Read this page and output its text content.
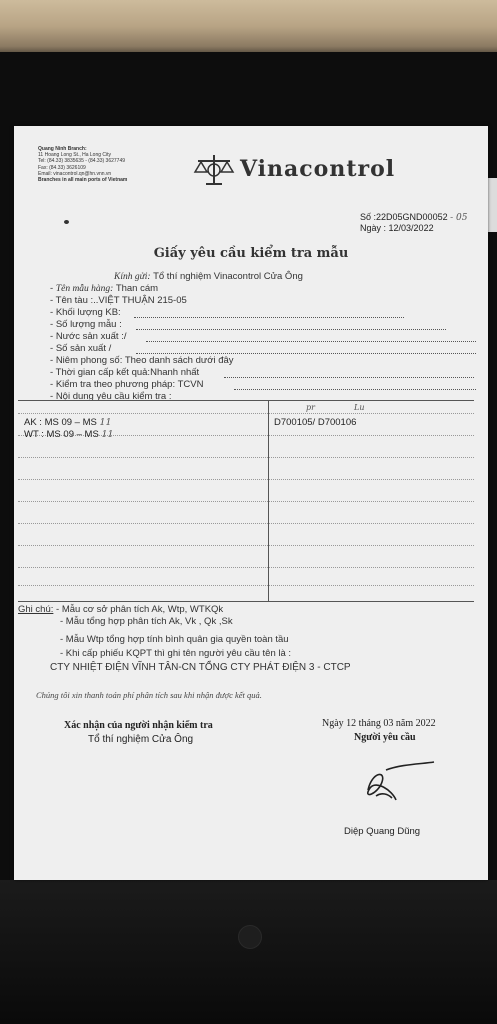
Quang Ninh Branch:
11 Hoang Long St., Ha Long City
Tel: (84.33) 3835635 - (84.33) 3627749
Fax: (84.33) 3626109
Email: vinacontrol.qn@hn.vnn.vn
Branches in all main ports of Vietnam	Vinacontrol
Số :22D05GND00052 - 05
Ngày : 12/03/2022
Giấy yêu cầu kiểm tra mẫu
Kính gửi: Tổ thí nghiệm Vinacontrol Cửa Ông
- Tên mẫu hàng: Than cám
- Tên tàu :..VIỆT THUẬN 215-05
- Khối lượng KB:
- Số lượng mẫu :
- Nước sản xuất :/
- Số sản xuất /
- Niêm phong số: Theo danh sách dưới đây
- Thời gian cấp kết quả:Nhanh nhất
- Kiểm tra theo phương pháp: TCVN
- Nội dung yêu cầu kiểm tra :
AK : MS 09 – MS 11
WT : MS 09 – MS 11
pr	Lu
D700105/ D700106
Ghi chú: - Mẫu cơ sở phân tích Ak, Wtp, WTKQk
- Mẫu tổng hợp phân tích Ak, Vk , Qk ,Sk
- Mẫu Wtp tổng hợp tính bình quân gia quyền toàn tầu
- Khi cấp phiếu KQPT thì ghi tên người yêu cầu tên là :
CTY NHIỆT ĐIỆN VĨNH TÂN-CN TỔNG CTY PHÁT ĐIỆN 3 - CTCP
Chúng tôi xin thanh toán phí phân tích sau khi nhận được kết quả.
Xác nhận của người nhận kiểm tra
Tổ thí nghiệm Cửa Ông
Ngày 12 tháng 03 năm 2022
Người yêu cầu
Diệp Quang Dũng
